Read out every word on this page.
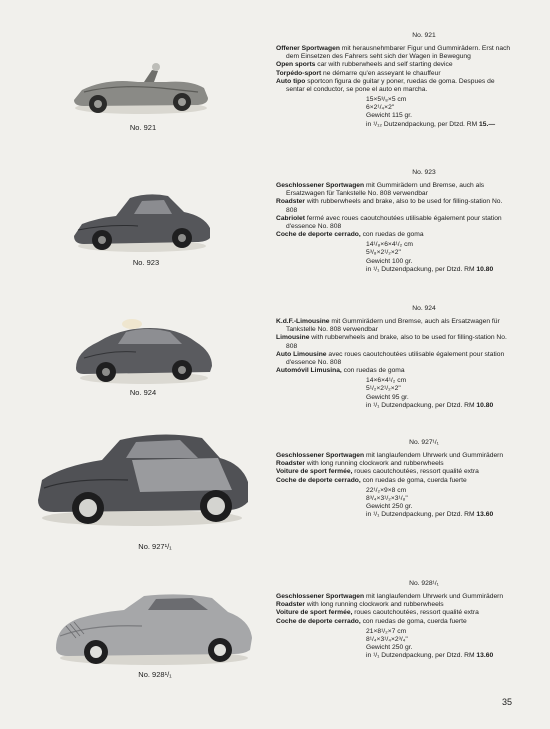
No. 921
No. 921
Offener Sportwagen mit herausnehmbarer Figur und Gummirädern. Erst nach dem Einsetzen des Fahrers seht sich der Wagen in Bewegung
Open sports car with rubberwheels and self starting device
Torpédo-sport ne démarre qu'en asseyant le chauffeur
Auto tipo sportcon figura de guitar y poner, ruedas de goma. Despues de sentar el conductor, se pone el auto en marcha.
15×5³/₈×5 cm
6×2¹/₄×2"
Gewicht 115 gr.
in ¹/₁₂ Dutzendpackung, per Dtzd. RM 15.—
No. 923
No. 923
Geschlossener Sportwagen mit Gummirädern und Bremse, auch als Ersatzwagen für Tankstelle No. 808 verwendbar
Roadster with rubberwheels and brake, also to be used for filling-station No. 808
Cabriolet fermé avec roues caoutchoutées utilisable également pour station d'essence No. 808
Coche de deporte cerrado, con ruedas de goma
14¹/₈×6×4¹/₂ cm
5³/₈×2¹/₂×2"
Gewicht 100 gr.
in ¹/₁ Dutzendpackung, per Dtzd. RM 10.80
No. 924
No. 924
K.d.F.-Limousine mit Gummirädern und Bremse, auch als Ersatzwagen für Tankstelle No. 808 verwendbar
Limousine with rubberwheels and brake, also to be used for filling-station No. 808
Auto Limousine avec roues caoutchoutées utilisable également pour station d'essence No. 808
Automóvil Limusina, con ruedas de goma
14×6×4¹/₂ cm
5¹/₂×2¹/₂×2"
Gewicht 95 gr.
in ¹/₁ Dutzendpackung, per Dtzd. RM 10.80
No. 927¹/₁
No. 927¹/₁
Geschlossener Sportwagen mit langlaufendem Uhrwerk und Gummirädern
Roadster with long running clockwork and rubberwheels
Voiture de sport fermée, roues caoutchoutées, ressort qualité extra
Coche de deporte cerrado, con ruedas de goma, cuerda fuerte
22¹/₂×9×8 cm
8³/₄×3¹/₂×3¹/₈"
Gewicht 250 gr.
in ¹/₁ Dutzendpackung, per Dtzd. RM 13.60
No. 928¹/₁
No. 928¹/₁
Geschlossener Sportwagen mit langlaufendem Uhrwerk und Gummirädern
Roadster with long running clockwork and rubberwheels
Voiture de sport fermée, roues caoutchoutées, ressort qualité extra
Coche de deporte cerrado, con ruedas de goma, cuerda fuerte
21×8¹/₂×7 cm
8¹/₄×3¹/₄×2³/₄"
Gewicht 250 gr.
in ¹/₁ Dutzendpackung, per Dtzd. RM 13.60
35
